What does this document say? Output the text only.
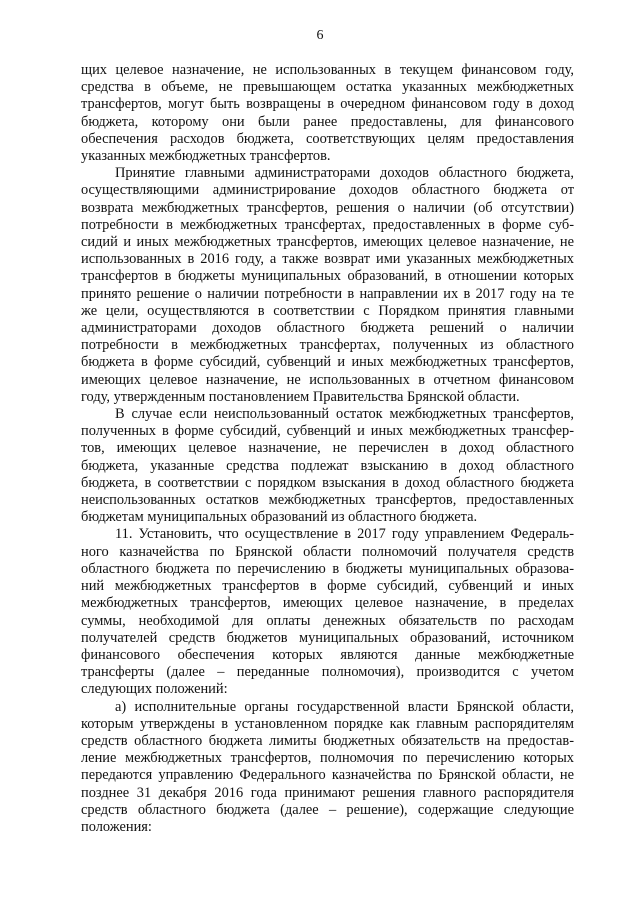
6
щих целевое назначение, не использованных в текущем финансовом году,
средства в объеме, не превышающем остатка указанных межбюджетных
трансфертов, могут быть возвращены в очередном финансовом году в доход
бюджета, которому они были ранее предоставлены, для финансового
обеспечения расходов бюджета, соответствующих целям предоставления
указанных межбюджетных трансфертов.
Принятие главными администраторами доходов областного бюджета,
осуществляющими администрирование доходов областного бюджета от
возврата межбюджетных трансфертов, решения о наличии (об отсутствии)
потребности в межбюджетных трансфертах, предоставленных в форме суб-
сидий и иных межбюджетных трансфертов, имеющих целевое назначение, не
использованных в 2016 году, а также возврат ими указанных межбюджетных
трансфертов в бюджеты муниципальных образований, в отношении которых
принято решение о наличии потребности в направлении их в 2017 году на те
же цели, осуществляются в соответствии с Порядком принятия главными
администраторами доходов областного бюджета решений о наличии
потребности в межбюджетных трансфертах, полученных из областного
бюджета в форме субсидий, субвенций и иных межбюджетных трансфертов,
имеющих целевое назначение, не использованных в отчетном финансовом
году, утвержденным постановлением Правительства Брянской области.
В случае если неиспользованный остаток межбюджетных трансфертов,
полученных в форме субсидий, субвенций и иных межбюджетных трансфер-
тов, имеющих целевое назначение, не перечислен в доход областного
бюджета, указанные средства подлежат взысканию в доход областного
бюджета, в соответствии с порядком взыскания в доход областного бюджета
неиспользованных остатков межбюджетных трансфертов, предоставленных
бюджетам муниципальных образований из областного бюджета.
11. Установить, что осуществление в 2017 году управлением Федераль-
ного казначейства по Брянской области полномочий получателя средств
областного бюджета по перечислению в бюджеты муниципальных образова-
ний межбюджетных трансфертов в форме субсидий, субвенций и иных
межбюджетных трансфертов, имеющих целевое назначение, в пределах
суммы, необходимой для оплаты денежных обязательств по расходам
получателей средств бюджетов муниципальных образований, источником
финансового обеспечения которых являются данные межбюджетные
трансферты (далее – переданные полномочия), производится с учетом
следующих положений:
а) исполнительные органы государственной власти Брянской области,
которым утверждены в установленном порядке как главным распорядителям
средств областного бюджета лимиты бюджетных обязательств на предостав-
ление межбюджетных трансфертов, полномочия по перечислению которых
передаются управлению Федерального казначейства по Брянской области, не
позднее 31 декабря 2016 года принимают решения главного распорядителя
средств областного бюджета (далее – решение), содержащие следующие
положения:
